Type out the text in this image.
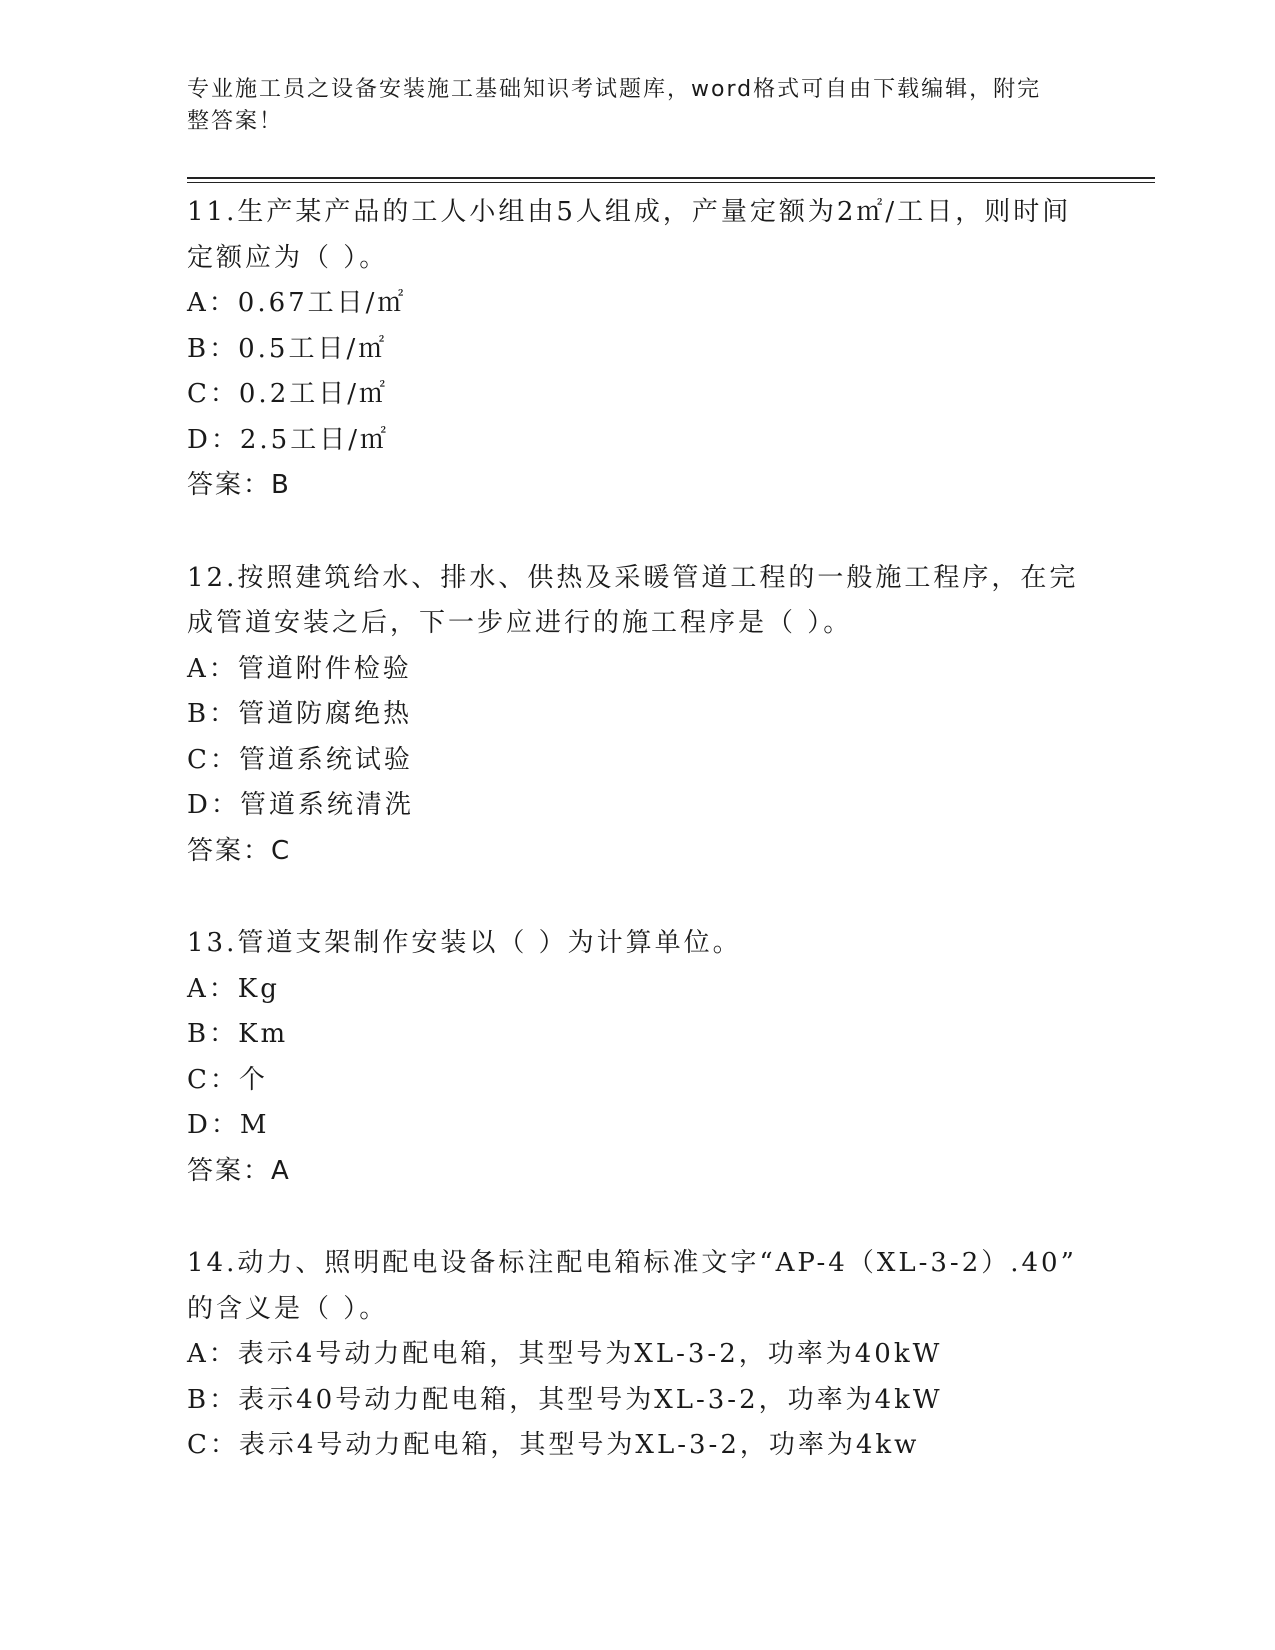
专业施工员之设备安装施工基础知识考试题库，word格式可自由下载编辑，附完
整答案！
11.生产某产品的工人小组由5人组成，产量定额为2㎡/工日，则时间
定额应为（ ）。
A：0.67工日/㎡
B：0.5工日/㎡
C：0.2工日/㎡
D：2.5工日/㎡
答案：B
12.按照建筑给水、排水、供热及采暖管道工程的一般施工程序，在完
成管道安装之后，下一步应进行的施工程序是（ ）。
A：管道附件检验
B：管道防腐绝热
C：管道系统试验
D：管道系统清洗
答案：C
13.管道支架制作安装以（ ）为计算单位。
A：Kg
B：Km
C：个
D：M
答案：A
14.动力、照明配电设备标注配电箱标准文字“AP-4（XL-3-2）.40”
的含义是（ ）。
A：表示4号动力配电箱，其型号为XL-3-2，功率为40kW
B：表示40号动力配电箱，其型号为XL-3-2，功率为4kW
C：表示4号动力配电箱，其型号为XL-3-2，功率为4kw
